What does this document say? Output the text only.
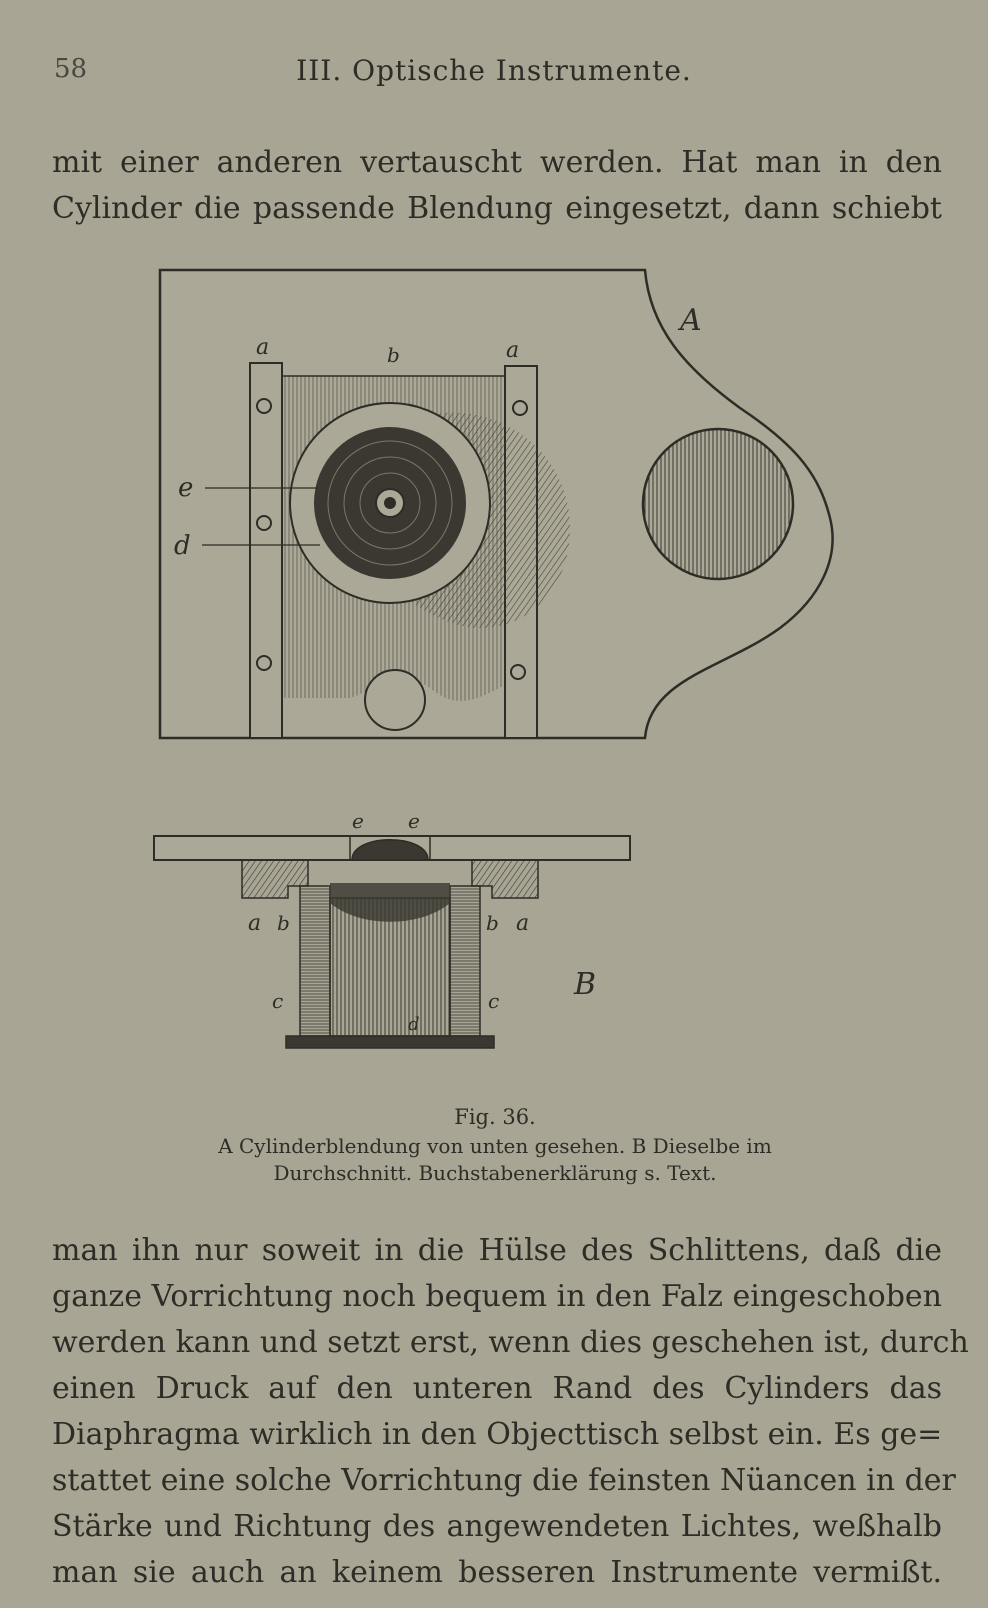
58	III. Optische Instrumente.
mit einer anderen vertauscht werden. Hat man in den
Cylinder die passende Blendung eingesetzt, dann schiebt
A
a	b	a
e
d
e e
a b	b a
c	c
d
B
Fig. 36.
A Cylinderblendung von unten gesehen. B Dieselbe im
Durchschnitt. Buchstabenerklärung s. Text.
man ihn nur soweit in die Hülse des Schlittens, daß die
ganze Vorrichtung noch bequem in den Falz eingeschoben
werden kann und setzt erst, wenn dies geschehen ist, durch
einen Druck auf den unteren Rand des Cylinders das
Diaphragma wirklich in den Objecttisch selbst ein. Es ge=
stattet eine solche Vorrichtung die feinsten Nüancen in der
Stärke und Richtung des angewendeten Lichtes, weßhalb
man sie auch an keinem besseren Instrumente vermißt.
